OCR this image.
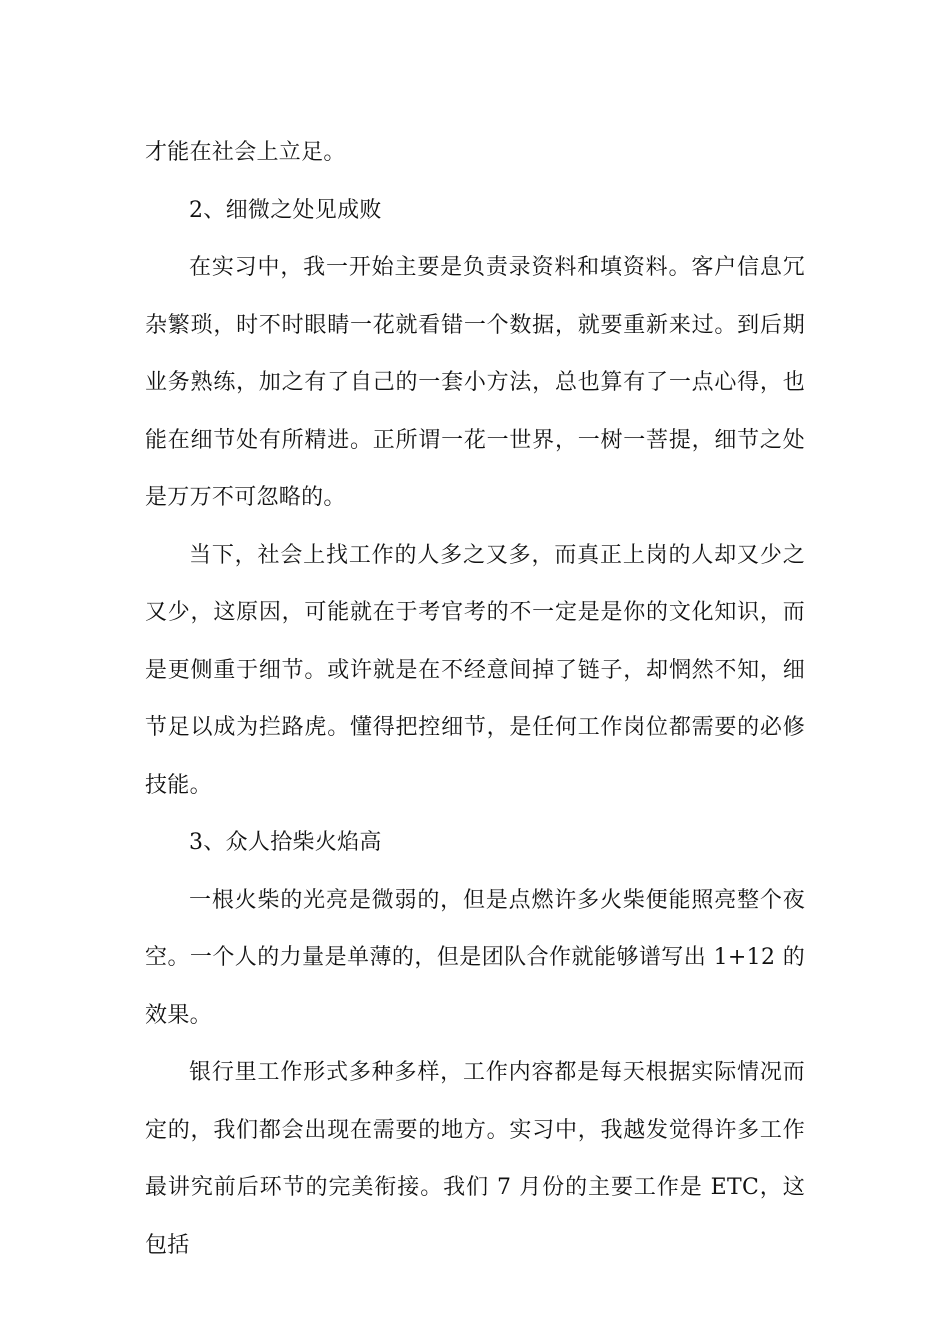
才能在社会上立足。

2、细微之处见成败

在实习中，我一开始主要是负责录资料和填资料。客户信息冗杂繁琐，时不时眼睛一花就看错一个数据，就要重新来过。到后期业务熟练，加之有了自己的一套小方法，总也算有了一点心得，也能在细节处有所精进。正所谓一花一世界，一树一菩提，细节之处是万万不可忽略的。

当下，社会上找工作的人多之又多，而真正上岗的人却又少之又少，这原因，可能就在于考官考的不一定是是你的文化知识，而是更侧重于细节。或许就是在不经意间掉了链子，却惘然不知，细节足以成为拦路虎。懂得把控细节，是任何工作岗位都需要的必修技能。

3、众人拾柴火焰高

一根火柴的光亮是微弱的，但是点燃许多火柴便能照亮整个夜空。一个人的力量是单薄的，但是团队合作就能够谱写出 1+12 的效果。

银行里工作形式多种多样，工作内容都是每天根据实际情况而定的，我们都会出现在需要的地方。实习中，我越发觉得许多工作最讲究前后环节的完美衔接。我们 7 月份的主要工作是 ETC，这包括
